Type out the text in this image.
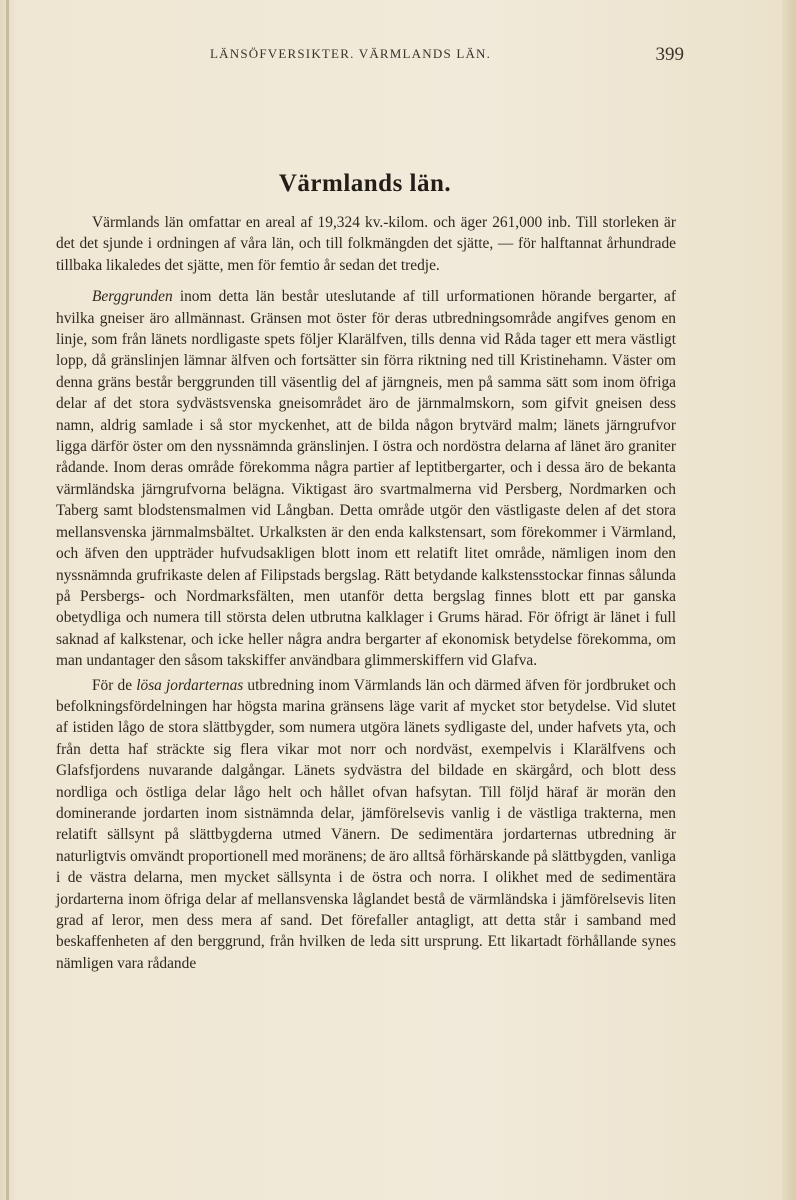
LÄNSÖFVERSIKTER. VÄRMLANDS LÄN.	399
Värmlands län.

Värmlands län omfattar en areal af 19,324 kv.-kilom. och äger 261,000 inb. Till storleken är det det sjunde i ordningen af våra län, och till folkmängden det sjätte, — för halftannat århundrade tillbaka likaledes det sjätte, men för femtio år sedan det tredje.

Berggrunden inom detta län består uteslutande af till urformationen hörande bergarter, af hvilka gneiser äro allmännast. Gränsen mot öster för deras utbredningsområde angifves genom en linje, som från länets nordligaste spets följer Klarälfven, tills denna vid Råda tager ett mera västligt lopp, då gränslinjen lämnar älfven och fortsätter sin förra riktning ned till Kristinehamn. Väster om denna gräns består berggrunden till väsentlig del af järngneis, men på samma sätt som inom öfriga delar af det stora sydvästsvenska gneisområdet äro de järnmalmskorn, som gifvit gneisen dess namn, aldrig samlade i så stor myckenhet, att de bilda någon brytvärd malm; länets järngrufvor ligga därför öster om den nyssnämnda gränslinjen. I östra och nordöstra delarna af länet äro graniter rådande. Inom deras område förekomma några partier af leptitbergarter, och i dessa äro de bekanta värmländska järngrufvorna belägna. Viktigast äro svartmalmerna vid Persberg, Nordmarken och Taberg samt blodstensmalmen vid Långban. Detta område utgör den västligaste delen af det stora mellansvenska järnmalmsbältet. Urkalksten är den enda kalkstensart, som förekommer i Värmland, och äfven den uppträder hufvudsakligen blott inom ett relatift litet område, nämligen inom den nyssnämnda grufrikaste delen af Filipstads bergslag. Rätt betydande kalkstensstockar finnas sålunda på Persbergs- och Nordmarksfälten, men utanför detta bergslag finnes blott ett par ganska obetydliga och numera till största delen utbrutna kalklager i Grums härad. För öfrigt är länet i full saknad af kalkstenar, och icke heller några andra bergarter af ekonomisk betydelse förekomma, om man undantager den såsom takskiffer användbara glimmerskiffern vid Glafva.

För de lösa jordarternas utbredning inom Värmlands län och därmed äfven för jordbruket och befolkningsfördelningen har högsta marina gränsens läge varit af mycket stor betydelse. Vid slutet af istiden lågo de stora slättbygder, som numera utgöra länets sydligaste del, under hafvets yta, och från detta haf sträckte sig flera vikar mot norr och nordväst, exempelvis i Klarälfvens och Glafsfjordens nuvarande dalgångar. Länets sydvästra del bildade en skärgård, och blott dess nordliga och östliga delar lågo helt och hållet ofvan hafsytan. Till följd häraf är morän den dominerande jordarten inom sistnämnda delar, jämförelsevis vanlig i de västliga trakterna, men relatift sällsynt på slättbygderna utmed Vänern. De sedimentära jordarternas utbredning är naturligtvis omvändt proportionell med moränens; de äro alltså förhärskande på slättbygden, vanliga i de västra delarna, men mycket sällsynta i de östra och norra. I olikhet med de sedimentära jordarterna inom öfriga delar af mellansvenska låglandet bestå de värmländska i jämförelsevis liten grad af leror, men dess mera af sand. Det förefaller antagligt, att detta står i samband med beskaffenheten af den berggrund, från hvilken de leda sitt ursprung. Ett likartadt förhållande synes nämligen vara rådande
